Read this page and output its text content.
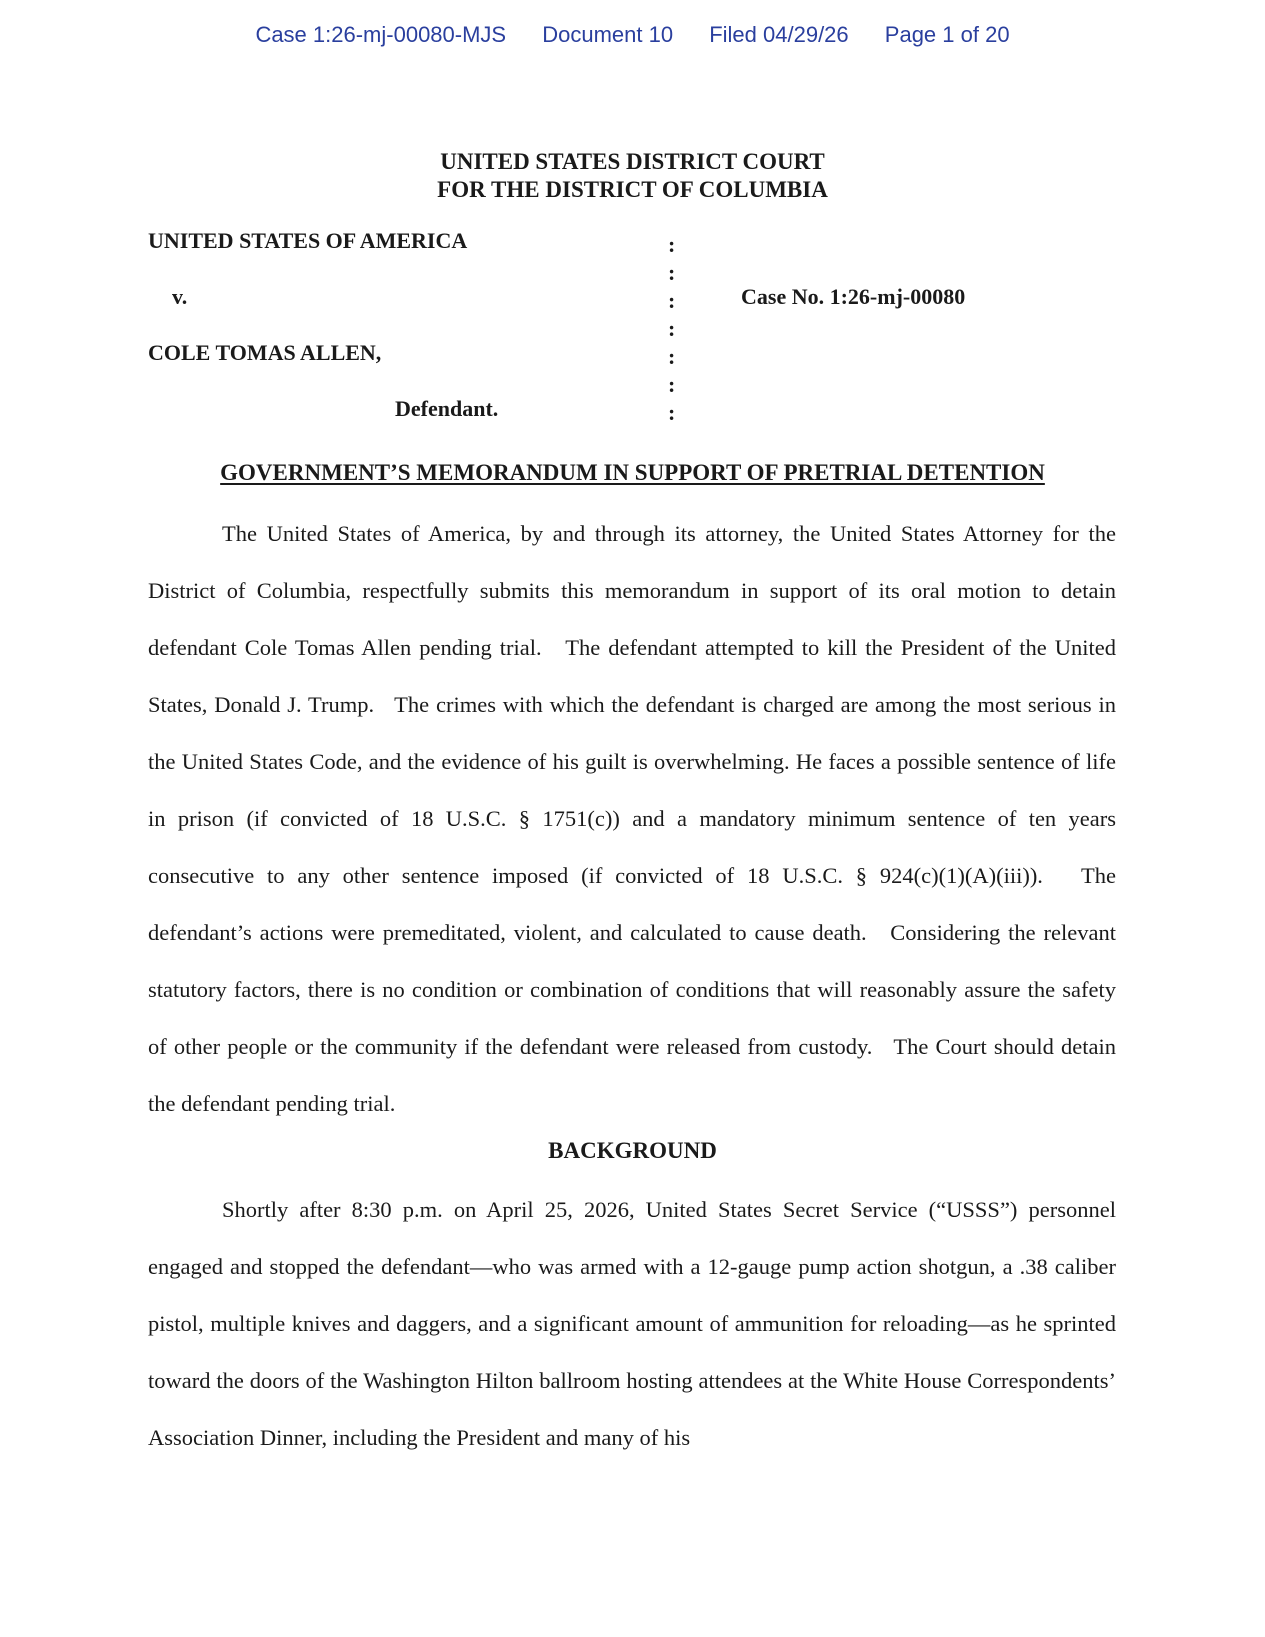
Case 1:26-mj-00080-MJS Document 10 Filed 04/29/26 Page 1 of 20
UNITED STATES DISTRICT COURT
FOR THE DISTRICT OF COLUMBIA
UNITED STATES OF AMERICA
v.
COLE TOMAS ALLEN,
Defendant.
Case No. 1:26-mj-00080
:
:
:
:
:
:
:
GOVERNMENT’S MEMORANDUM IN SUPPORT OF PRETRIAL DETENTION

The United States of America, by and through its attorney, the United States Attorney for the District of Columbia, respectfully submits this memorandum in support of its oral motion to detain defendant Cole Tomas Allen pending trial.   The defendant attempted to kill the President of the United States, Donald J. Trump.   The crimes with which the defendant is charged are among the most serious in the United States Code, and the evidence of his guilt is overwhelming. He faces a possible sentence of life in prison (if convicted of 18 U.S.C. § 1751(c)) and a mandatory minimum sentence of ten years consecutive to any other sentence imposed (if convicted of 18 U.S.C. § 924(c)(1)(A)(iii)).   The defendant’s actions were premeditated, violent, and calculated to cause death.   Considering the relevant statutory factors, there is no condition or combination of conditions that will reasonably assure the safety of other people or the community if the defendant were released from custody.   The Court should detain the defendant pending trial.

BACKGROUND

Shortly after 8:30 p.m. on April 25, 2026, United States Secret Service (“USSS”) personnel engaged and stopped the defendant—who was armed with a 12-gauge pump action shotgun, a .38 caliber pistol, multiple knives and daggers, and a significant amount of ammunition for reloading—as he sprinted toward the doors of the Washington Hilton ballroom hosting attendees at the White House Correspondents’ Association Dinner, including the President and many of his
